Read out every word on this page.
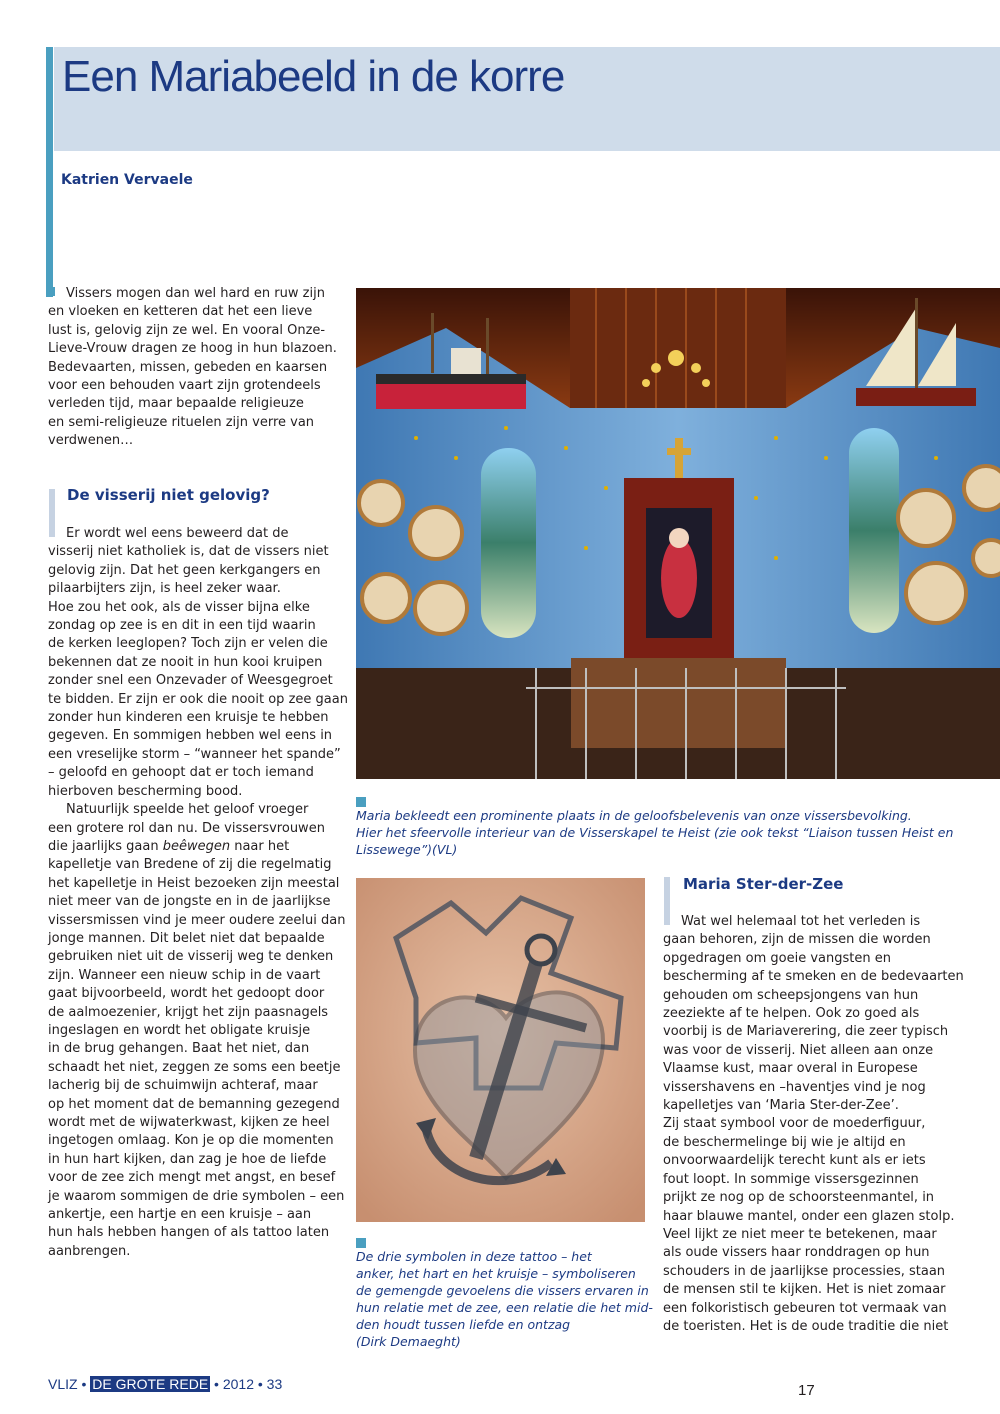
Een Mariabeeld in de korre
Katrien Vervaele
Vissers mogen dan wel hard en ruw zijn
en vloeken en ketteren dat het een lieve
lust is, gelovig zijn ze wel. En vooral Onze-
Lieve-Vrouw dragen ze hoog in hun blazoen.
Bedevaarten, missen, gebeden en kaarsen
voor een behouden vaart zijn grotendeels
verleden tijd, maar bepaalde religieuze
en semi-religieuze rituelen zijn verre van
verdwenen…
De visserij niet gelovig?
Er wordt wel eens beweerd dat de
visserij niet katholiek is, dat de vissers niet
gelovig zijn. Dat het geen kerkgangers en
pilaarbijters zijn, is heel zeker waar.
Hoe zou het ook, als de visser bijna elke
zondag op zee is en dit in een tijd waarin
de kerken leeglopen? Toch zijn er velen die
bekennen dat ze nooit in hun kooi kruipen
zonder snel een Onzevader of Weesgegroet
te bidden. Er zijn er ook die nooit op zee gaan
zonder hun kinderen een kruisje te hebben
gegeven. En sommigen hebben wel eens in
een vreselijke storm – “wanneer het spande”
– geloofd en gehoopt dat er toch iemand
hierboven bescherming bood.
Natuurlijk speelde het geloof vroeger
een grotere rol dan nu. De vissersvrouwen
die jaarlijks gaan beêwegen naar het
kapelletje van Bredene of zij die regelmatig
het kapelletje in Heist bezoeken zijn meestal
niet meer van de jongste en in de jaarlijkse
vissersmissen vind je meer oudere zeelui dan
jonge mannen. Dit belet niet dat bepaalde
gebruiken niet uit de visserij weg te denken
zijn. Wanneer een nieuw schip in de vaart
gaat bijvoorbeeld, wordt het gedoopt door
de aalmoezenier, krijgt het zijn paasnagels
ingeslagen en wordt het obligate kruisje
in de brug gehangen. Baat het niet, dan
schaadt het niet, zeggen ze soms een beetje
lacherig bij de schuimwijn achteraf, maar
op het moment dat de bemanning gezegend
wordt met de wijwaterkwast, kijken ze heel
ingetogen omlaag. Kon je op die momenten
in hun hart kijken, dan zag je hoe de liefde
voor de zee zich mengt met angst, en besef
je waarom sommigen de drie symbolen – een
ankertje, een hartje en een kruisje – aan
hun hals hebben hangen of als tattoo laten
aanbrengen.
Maria bekleedt een prominente plaats in de geloofsbelevenis van onze vissersbevolking.
Hier het sfeervolle interieur van de Visserskapel te Heist (zie ook tekst “Liaison tussen Heist en
Lissewege”)(VL)
De drie symbolen in deze tattoo – het
anker, het hart en het kruisje – symboliseren
de gemengde gevoelens die vissers ervaren in
hun relatie met de zee, een relatie die het mid-
den houdt tussen liefde en ontzag
(Dirk Demaeght)
Maria Ster-der-Zee
Wat wel helemaal tot het verleden is
gaan behoren, zijn de missen die worden
opgedragen om goeie vangsten en
bescherming af te smeken en de bedevaarten
gehouden om scheepsjongens van hun
zeeziekte af te helpen. Ook zo goed als
voorbij is de Mariaverering, die zeer typisch
was voor de visserij. Niet alleen aan onze
Vlaamse kust, maar overal in Europese
vissershavens en –haventjes vind je nog
kapelletjes van ‘Maria Ster-der-Zee’.
Zij staat symbool voor de moederfiguur,
de beschermelinge bij wie je altijd en
onvoorwaardelijk terecht kunt als er iets
fout loopt. In sommige vissersgezinnen
prijkt ze nog op de schoorsteenmantel, in
haar blauwe mantel, onder een glazen stolp.
Veel lijkt ze niet meer te betekenen, maar
als oude vissers haar ronddragen op hun
schouders in de jaarlijkse processies, staan
de mensen stil te kijken. Het is niet zomaar
een folkoristisch gebeuren tot vermaak van
de toeristen. Het is de oude traditie die niet
VLIZ • DE GROTE REDE • 2012 • 33	17
